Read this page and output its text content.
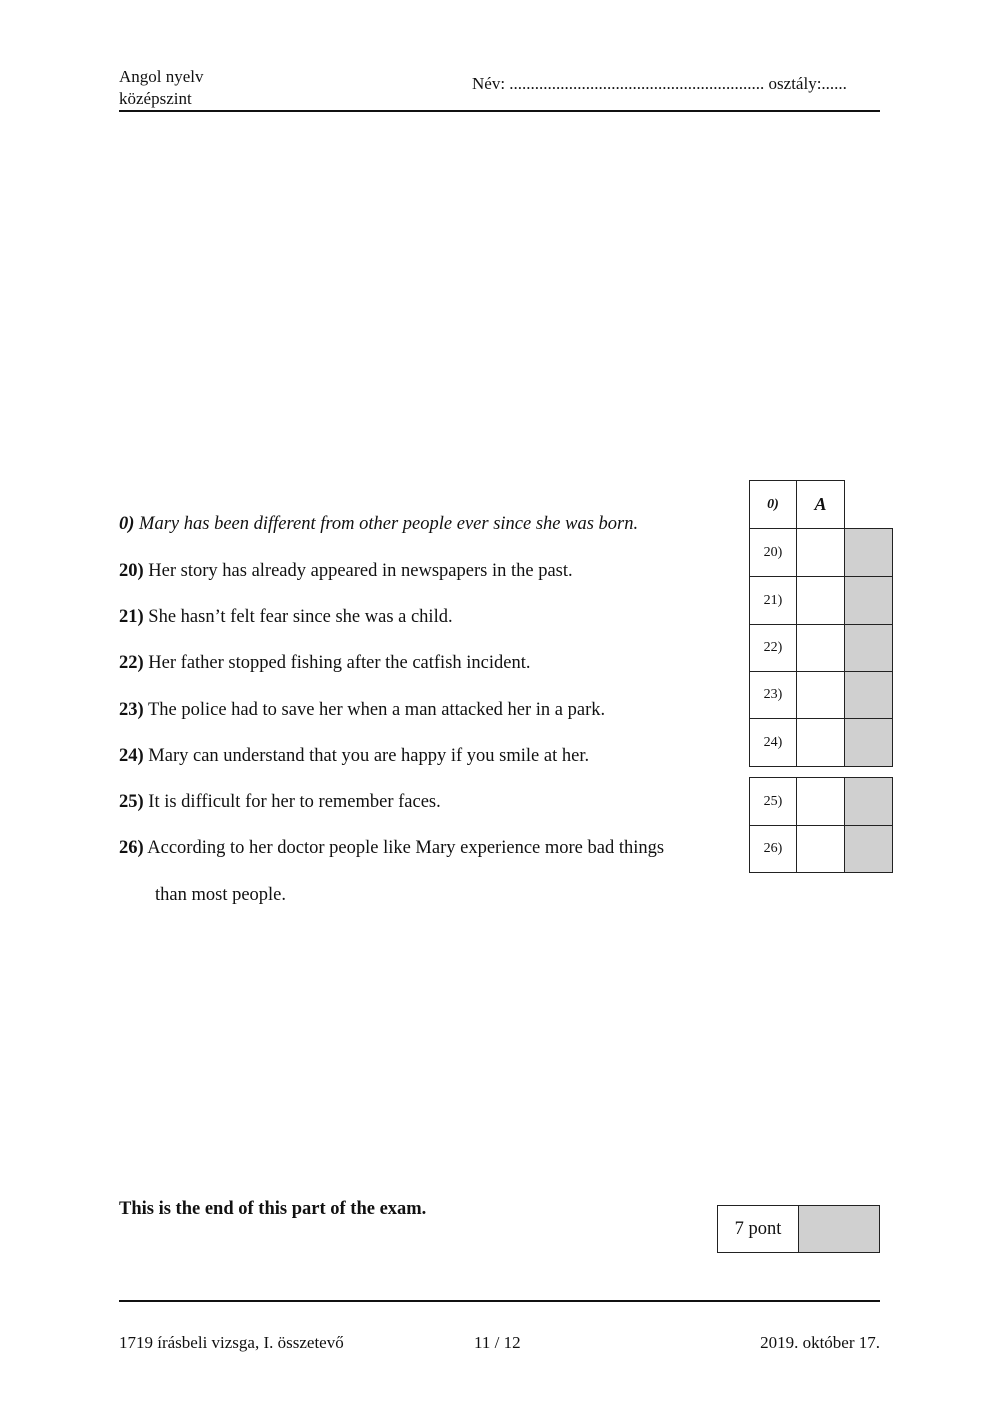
Angol nyelv
középszint
Név: ............................................................ osztály:......
0) Mary has been different from other people ever since she was born.
20) Her story has already appeared in newspapers in the past.
21) She hasn’t felt fear since she was a child.
22) Her father stopped fishing after the catfish incident.
23) The police had to save her when a man attacked her in a park.
24) Mary can understand that you are happy if you smile at her.
25) It is difficult for her to remember faces.
26) According to her doctor people like Mary experience more bad things
than most people.
0)	A
20)
21)
22)
23)
24)
25)
26)
This is the end of this part of the exam.
7 pont
1719 írásbeli vizsga, I. összetevő	11 / 12	2019. október 17.
